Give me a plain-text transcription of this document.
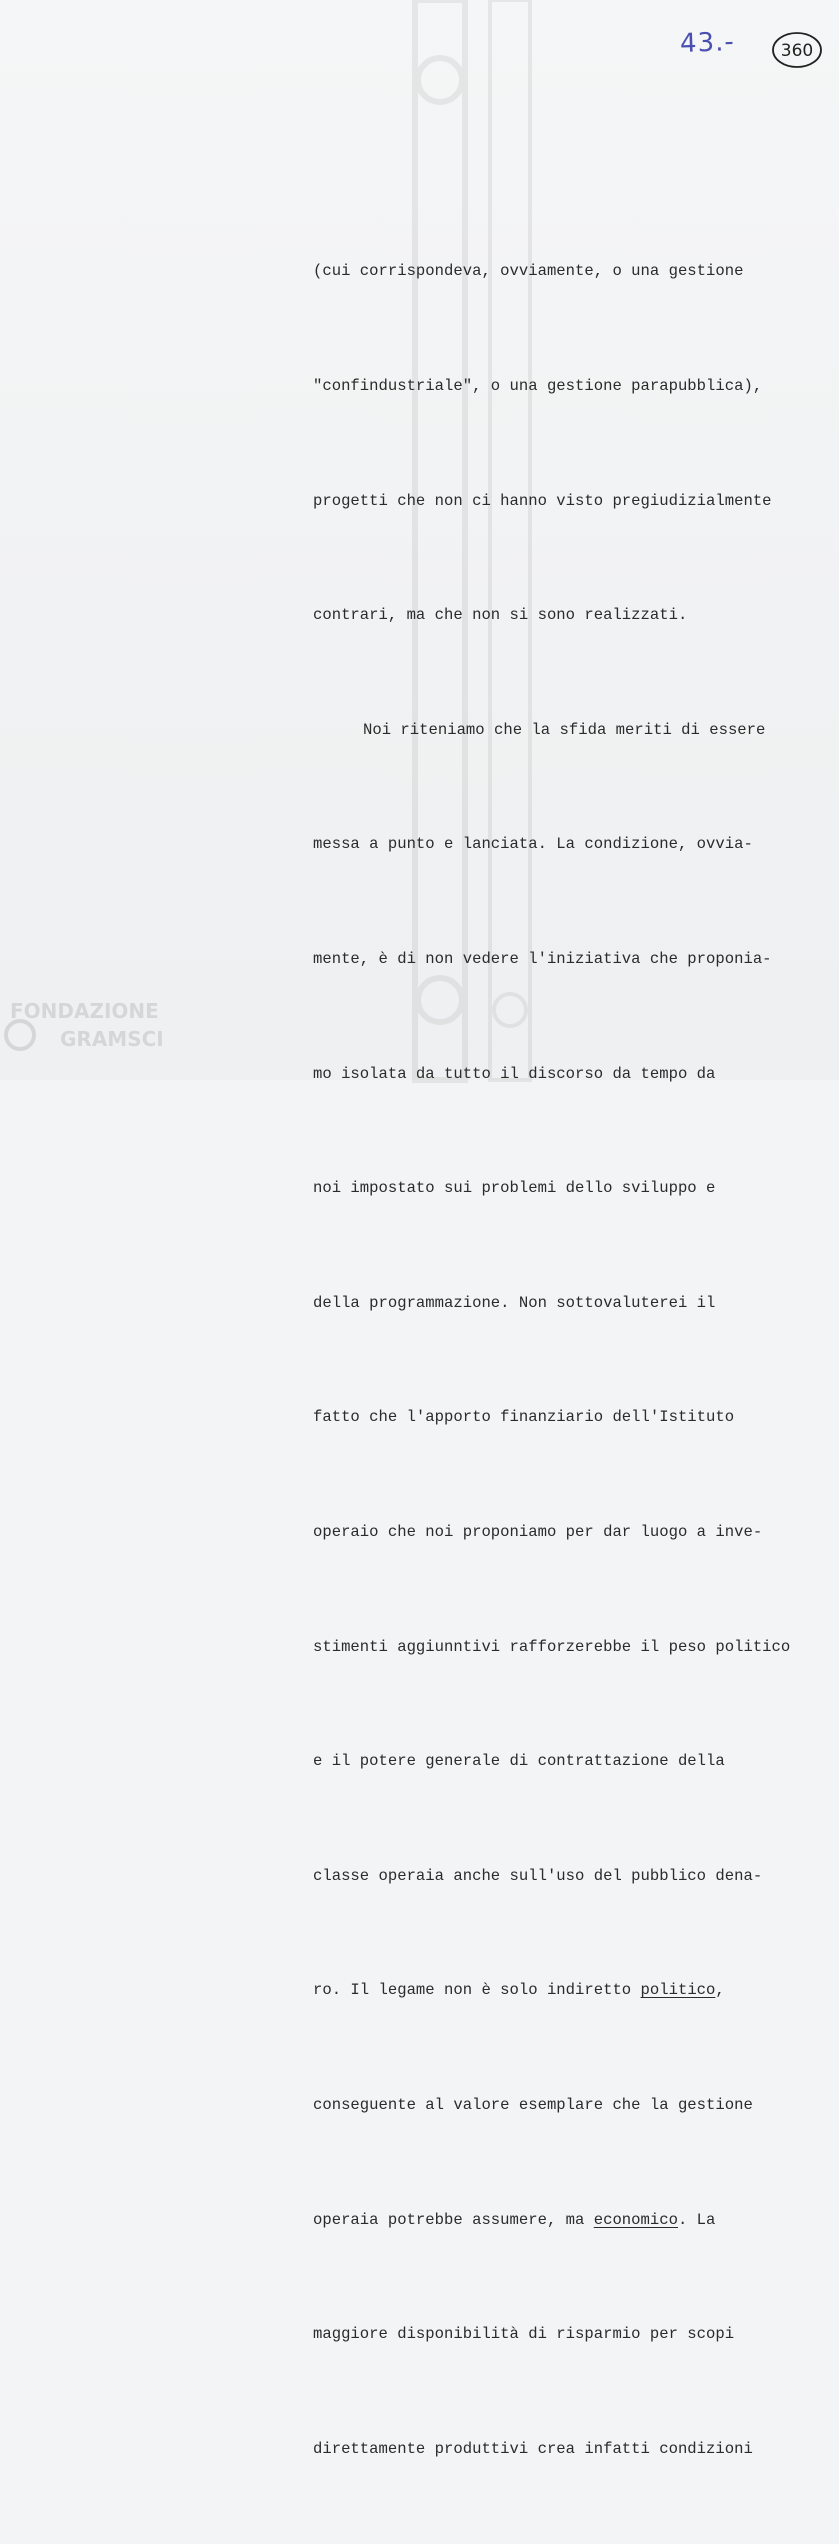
FONDAZIONE
GRAMSCI
43.-	360

(cui corrispondeva, ovviamente, o una gestione

"confindustriale", o una gestione parapubblica),

progetti che non ci hanno visto pregiudizialmente

contrari, ma che non si sono realizzati.

Noi riteniamo che la sfida meriti di essere

messa a punto e lanciata. La condizione, ovvia-

mente, è di non vedere l'iniziativa che proponia-

mo isolata da tutto il discorso da tempo da

noi impostato sui problemi dello sviluppo e

della programmazione. Non sottovaluterei il

fatto che l'apporto finanziario dell'Istituto

operaio che noi proponiamo per dar luogo a inve-

stimenti aggiunntivi rafforzerebbe il peso politico

e il potere generale di contrattazione della

classe operaia anche sull'uso del pubblico dena-

ro. Il legame non è solo indiretto politico,

conseguente al valore esemplare che la gestione

operaia potrebbe assumere, ma economico. La

maggiore disponibilità di risparmio per scopi

direttamente produttivi crea infatti condizioni
